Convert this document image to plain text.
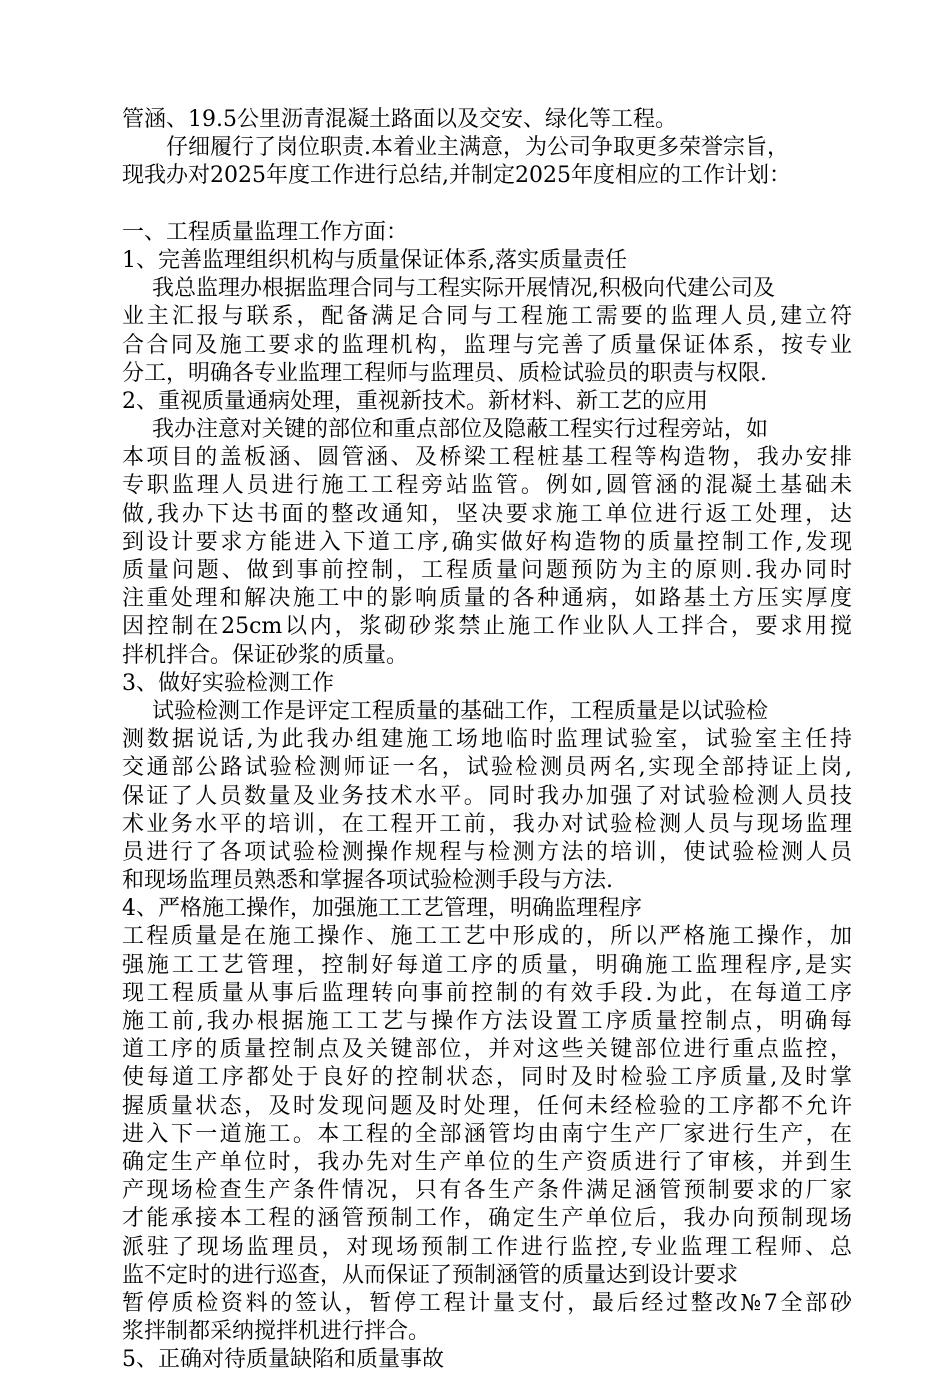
管涵、19.5公里沥青混凝土路面以及交安、绿化等工程。
仔细履行了岗位职责.本着业主满意，为公司争取更多荣誉宗旨，
现我办对2025年度工作进行总结,并制定2025年度相应的工作计划：
一、工程质量监理工作方面：
1、完善监理组织机构与质量保证体系,落实质量责任
我总监理办根据监理合同与工程实际开展情况,积极向代建公司及
业主汇报与联系，配备满足合同与工程施工需要的监理人员,建立符
合合同及施工要求的监理机构，监理与完善了质量保证体系，按专业
分工，明确各专业监理工程师与监理员、质检试验员的职责与权限.
2、重视质量通病处理，重视新技术。新材料、新工艺的应用
我办注意对关键的部位和重点部位及隐蔽工程实行过程旁站，如
本项目的盖板涵、圆管涵、及桥梁工程桩基工程等构造物，我办安排
专职监理人员进行施工工程旁站监管。例如,圆管涵的混凝土基础未
做,我办下达书面的整改通知，坚决要求施工单位进行返工处理，达
到设计要求方能进入下道工序,确实做好构造物的质量控制工作,发现
质量问题、做到事前控制，工程质量问题预防为主的原则.我办同时
注重处理和解决施工中的影响质量的各种通病，如路基土方压实厚度
因控制在25cm以内，浆砌砂浆禁止施工作业队人工拌合，要求用搅
拌机拌合。保证砂浆的质量。
3、做好实验检测工作
试验检测工作是评定工程质量的基础工作，工程质量是以试验检
测数据说话,为此我办组建施工场地临时监理试验室，试验室主任持
交通部公路试验检测师证一名，试验检测员两名,实现全部持证上岗,
保证了人员数量及业务技术水平。同时我办加强了对试验检测人员技
术业务水平的培训，在工程开工前，我办对试验检测人员与现场监理
员进行了各项试验检测操作规程与检测方法的培训，使试验检测人员
和现场监理员熟悉和掌握各项试验检测手段与方法.
4、严格施工操作，加强施工工艺管理，明确监理程序
工程质量是在施工操作、施工工艺中形成的，所以严格施工操作，加
强施工工艺管理，控制好每道工序的质量，明确施工监理程序,是实
现工程质量从事后监理转向事前控制的有效手段.为此，在每道工序
施工前,我办根据施工工艺与操作方法设置工序质量控制点，明确每
道工序的质量控制点及关键部位，并对这些关键部位进行重点监控，
使每道工序都处于良好的控制状态，同时及时检验工序质量,及时掌
握质量状态，及时发现问题及时处理，任何未经检验的工序都不允许
进入下一道施工。本工程的全部涵管均由南宁生产厂家进行生产，在
确定生产单位时，我办先对生产单位的生产资质进行了审核，并到生
产现场检查生产条件情况，只有各生产条件满足涵管预制要求的厂家
才能承接本工程的涵管预制工作，确定生产单位后，我办向预制现场
派驻了现场监理员，对现场预制工作进行监控,专业监理工程师、总
监不定时的进行巡查，从而保证了预制涵管的质量达到设计要求
暂停质检资料的签认，暂停工程计量支付，最后经过整改№7全部砂
浆拌制都采纳搅拌机进行拌合。
5、正确对待质量缺陷和质量事故
